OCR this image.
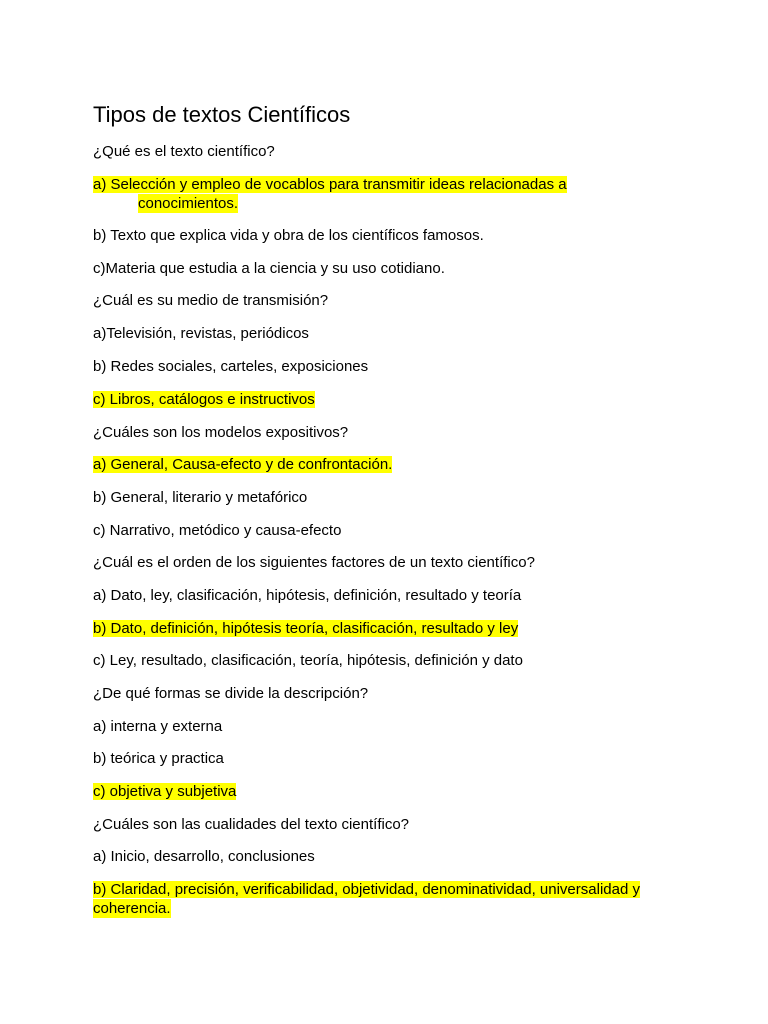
Tipos de textos Científicos

¿Qué es el texto científico?

a) Selección y empleo de vocablos para transmitir ideas relacionadas a

conocimientos.

b) Texto que explica vida y obra de los científicos famosos.

c)Materia que estudia a la ciencia y su uso cotidiano.

¿Cuál es su medio de transmisión?

a)Televisión, revistas, periódicos

b) Redes sociales, carteles, exposiciones

c) Libros, catálogos e instructivos

¿Cuáles son los modelos expositivos?

a) General, Causa-efecto y de confrontación.

b) General, literario y metafórico

c) Narrativo, metódico y causa-efecto

¿Cuál es el orden de los siguientes factores de un texto científico?

a) Dato, ley, clasificación, hipótesis, definición, resultado y teoría

b) Dato, definición, hipótesis teoría, clasificación, resultado y ley

c) Ley, resultado, clasificación, teoría, hipótesis, definición y dato

¿De qué formas se divide la descripción?

a) interna y externa

b) teórica y practica

c) objetiva y subjetiva

¿Cuáles son las cualidades del texto científico?

a) Inicio, desarrollo, conclusiones

b) Claridad, precisión, verificabilidad, objetividad, denominatividad, universalidad y

coherencia.
